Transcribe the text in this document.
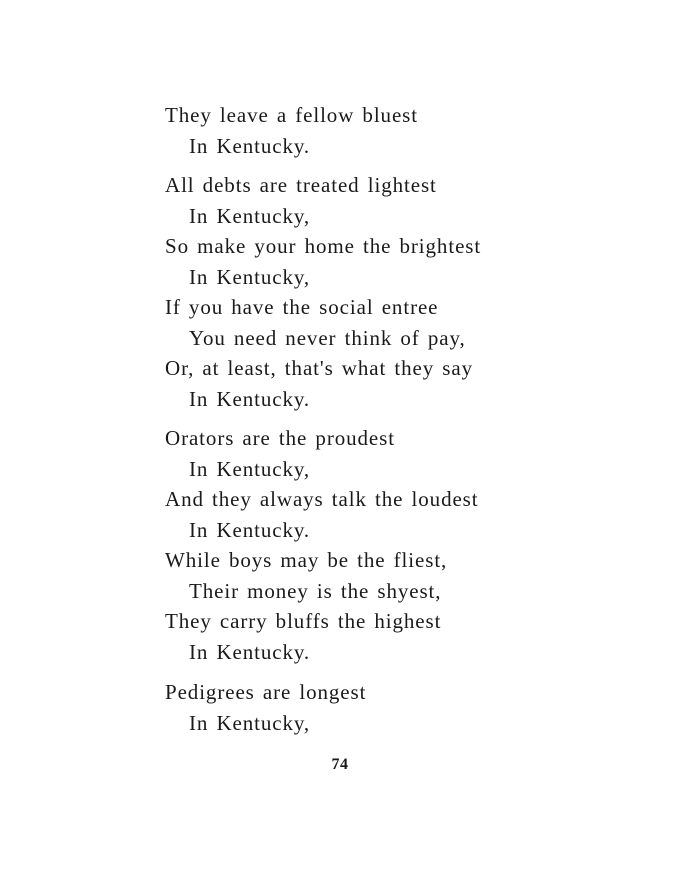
They leave a fellow bluest
In Kentucky.
All debts are treated lightest
In Kentucky,
So make your home the brightest
In Kentucky,
If you have the social entree
You need never think of pay,
Or, at least, that's what they say
In Kentucky.
Orators are the proudest
In Kentucky,
And they always talk the loudest
In Kentucky.
While boys may be the fliest,
Their money is the shyest,
They carry bluffs the highest
In Kentucky.
Pedigrees are longest
In Kentucky,
74
